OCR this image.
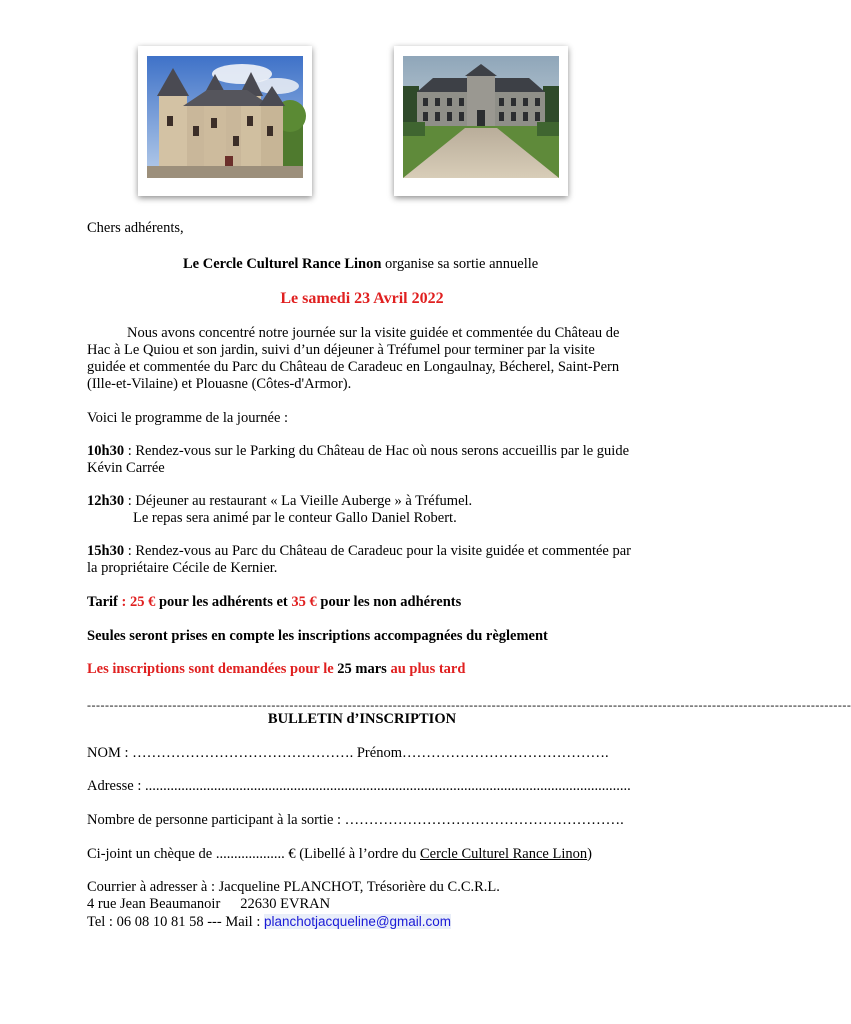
Chers adhérents,
Le Cercle Culturel Rance Linon organise sa sortie annuelle
Le samedi 23 Avril 2022
Nous avons concentré notre journée sur la visite guidée et commentée du Château de
Hac à Le Quiou et son jardin, suivi d’un déjeuner à Tréfumel pour terminer par la visite
guidée et commentée du Parc du Château de Caradeuc en Longaulnay, Bécherel, Saint-Pern
(Ille-et-Vilaine) et Plouasne (Côtes-d'Armor).
Voici le programme de la journée :
10h30 : Rendez-vous sur le Parking du Château de Hac où nous serons accueillis par le guide
Kévin Carrée
12h30 : Déjeuner au restaurant « La Vieille Auberge » à Tréfumel.
Le repas sera animé par le conteur Gallo Daniel Robert.
15h30 : Rendez-vous au Parc du Château de Caradeuc pour la visite guidée et commentée par
la propriétaire Cécile de Kernier.
Tarif : 25 € pour les adhérents et 35 € pour les non adhérents
Seules seront prises en compte les inscriptions accompagnées du règlement
Les inscriptions sont demandées pour le 25 mars au plus tard
--------------------------------------------------------------------------------------------------------------------------------------------------------------------------
BULLETIN d’INSCRIPTION
NOM : ………………………………………. Prénom…………………………………….
Adresse : ......................................................................................................................................
Nombre de personne participant à la sortie : ………………………………………………….
Ci-joint un chèque de ................... € (Libellé à l’ordre du Cercle Culturel Rance Linon)
Courrier à adresser à : Jacqueline PLANCHOT, Trésorière du C.C.R.L.
4 rue Jean Beaumanoir 22630 EVRAN
Tel : 06 08 10 81 58 --- Mail : planchotjacqueline@gmail.com
